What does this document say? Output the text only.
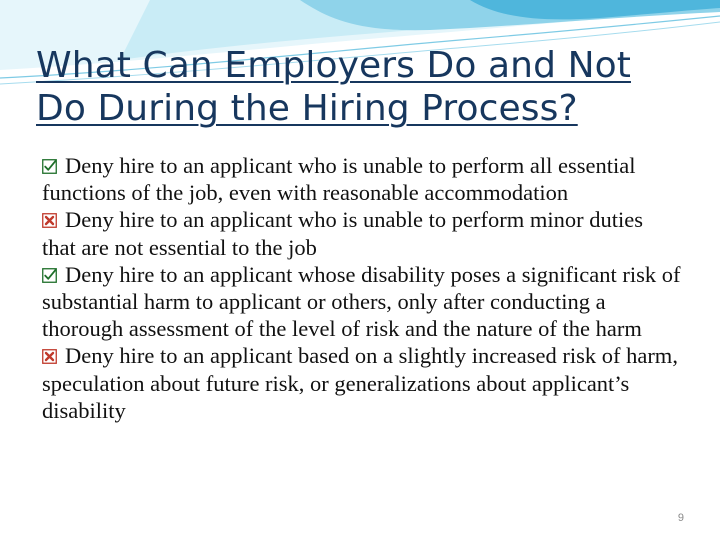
What Can Employers Do and Not
Do During the Hiring Process?
Deny hire to an applicant who is unable to perform all essential functions of the job, even with reasonable accommodation
Deny hire to an applicant who is unable to perform minor duties that are not essential to the job
Deny hire to an applicant whose disability poses a significant risk of substantial harm to applicant or others, only after conducting a thorough assessment of the level of risk and the nature of the harm
Deny hire to an applicant based on a slightly increased risk of harm, speculation about future risk, or generalizations about applicant’s disability
9
